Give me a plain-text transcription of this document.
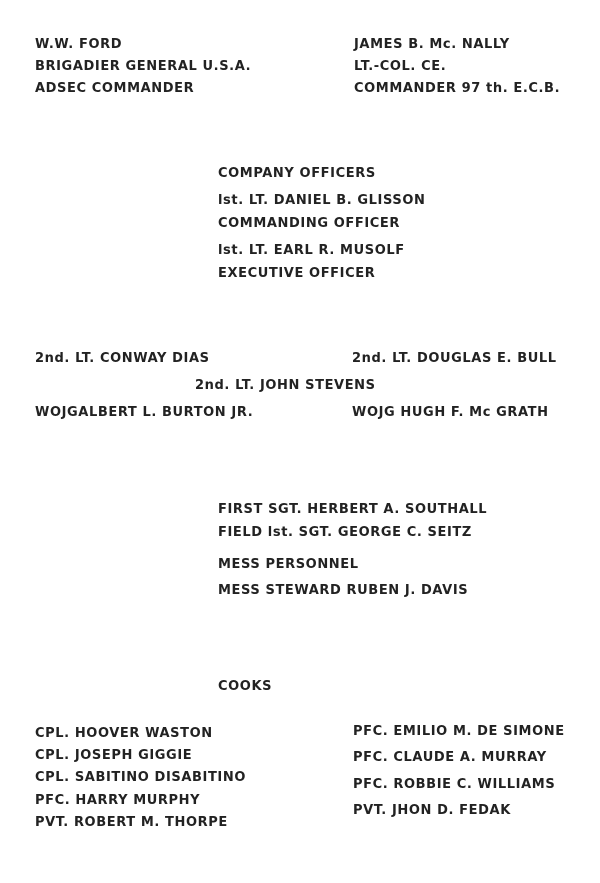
W.W. FORD
BRIGADIER GENERAL U.S.A.
ADSEC COMMANDER
JAMES B. Mc. NALLY
LT.-COL. CE.
COMMANDER 97 th. E.C.B.
COMPANY OFFICERS
lst. LT. DANIEL B. GLISSON
COMMANDING OFFICER
lst. LT. EARL R. MUSOLF
EXECUTIVE OFFICER
2nd. LT. CONWAY DIAS	2nd. LT. DOUGLAS E. BULL
2nd. LT. JOHN STEVENS
WOJGALBERT L. BURTON JR.	WOJG HUGH F. Mc GRATH
FIRST SGT. HERBERT A. SOUTHALL
FIELD lst. SGT. GEORGE C. SEITZ
MESS PERSONNEL
MESS STEWARD RUBEN J. DAVIS
COOKS
CPL. HOOVER WASTON
CPL. JOSEPH GIGGIE
CPL. SABITINO DISABITINO
PFC. HARRY MURPHY
PVT. ROBERT M. THORPE
PFC. EMILIO M. DE SIMONE
PFC. CLAUDE A. MURRAY
PFC. ROBBIE C. WILLIAMS
PVT. JHON D. FEDAK
